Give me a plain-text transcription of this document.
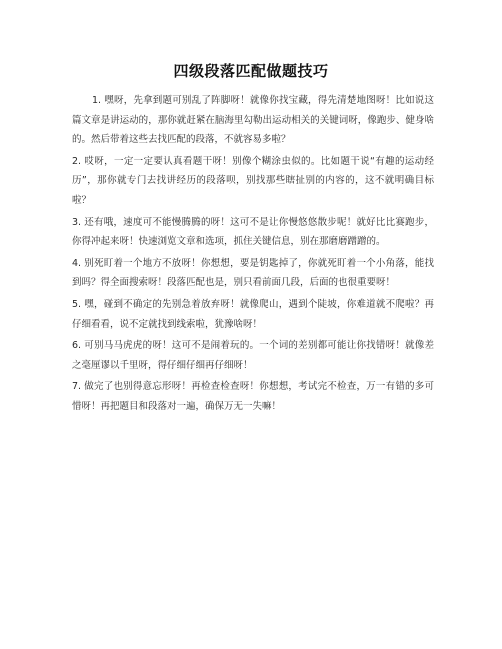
四级段落匹配做题技巧

1. 嘿呀，先拿到题可别乱了阵脚呀！就像你找宝藏，得先清楚地图呀！比如说这篇文章是讲运动的，那你就赶紧在脑海里勾勒出运动相关的关键词呀，像跑步、健身啥的。然后带着这些去找匹配的段落，不就容易多啦？

2. 哎呀，一定一定要认真看题干呀！别像个糊涂虫似的。比如题干说“有趣的运动经历”，那你就专门去找讲经历的段落呗，别找那些瞎扯别的内容的，这不就明确目标啦？

3. 还有哦，速度可不能慢腾腾的呀！这可不是让你慢悠悠散步呢！就好比比赛跑步，你得冲起来呀！快速浏览文章和选项，抓住关键信息，别在那磨磨蹭蹭的。

4. 别死盯着一个地方不放呀！你想想，要是钥匙掉了，你就死盯着一个小角落，能找到吗？得全面搜索呀！段落匹配也是，别只看前面几段，后面的也很重要呀！

5. 嘿，碰到不确定的先别急着放弃呀！就像爬山，遇到个陡坡，你难道就不爬啦？再仔细看看，说不定就找到线索啦，犹豫啥呀！

6. 可别马马虎虎的呀！这可不是闹着玩的。一个词的差别都可能让你找错呀！就像差之毫厘谬以千里呀，得仔细仔细再仔细呀！

7. 做完了也别得意忘形呀！再检查检查呀！你想想，考试完不检查，万一有错的多可惜呀！再把题目和段落对一遍，确保万无一失嘛！
